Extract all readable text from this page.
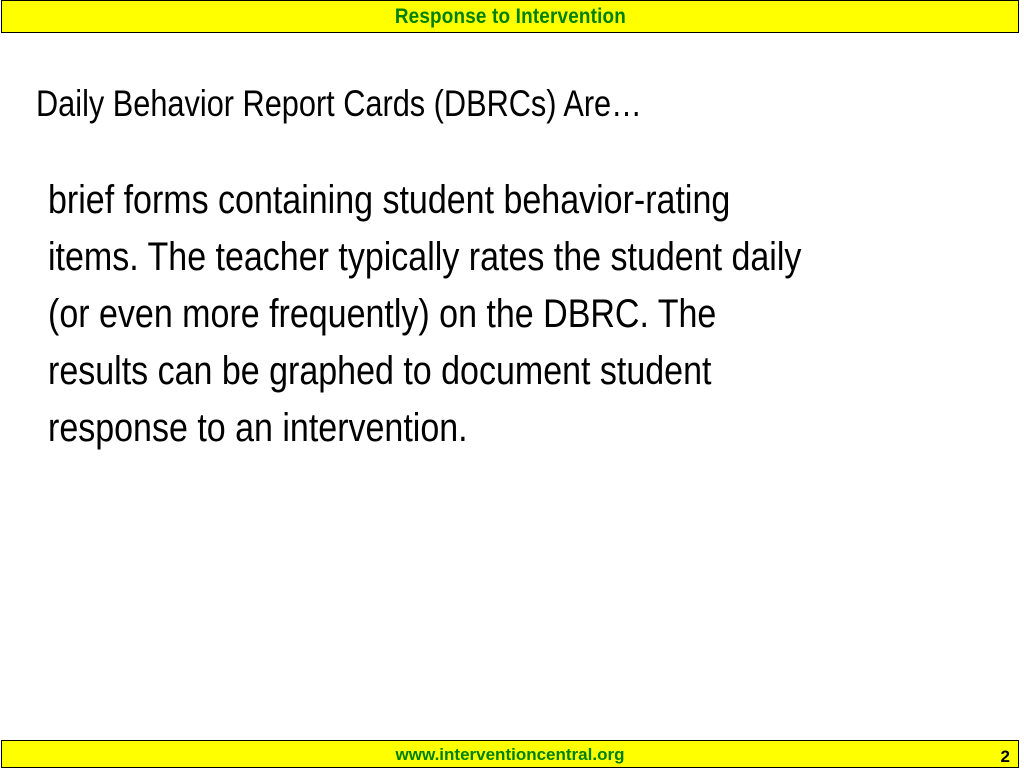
Response to Intervention
Daily Behavior Report Cards (DBRCs) Are…

brief forms containing student behavior-rating
items. The teacher typically rates the student daily
(or even more frequently) on the DBRC. The
results can be graphed to document student
response to an intervention.

www.interventioncentral.org	2
